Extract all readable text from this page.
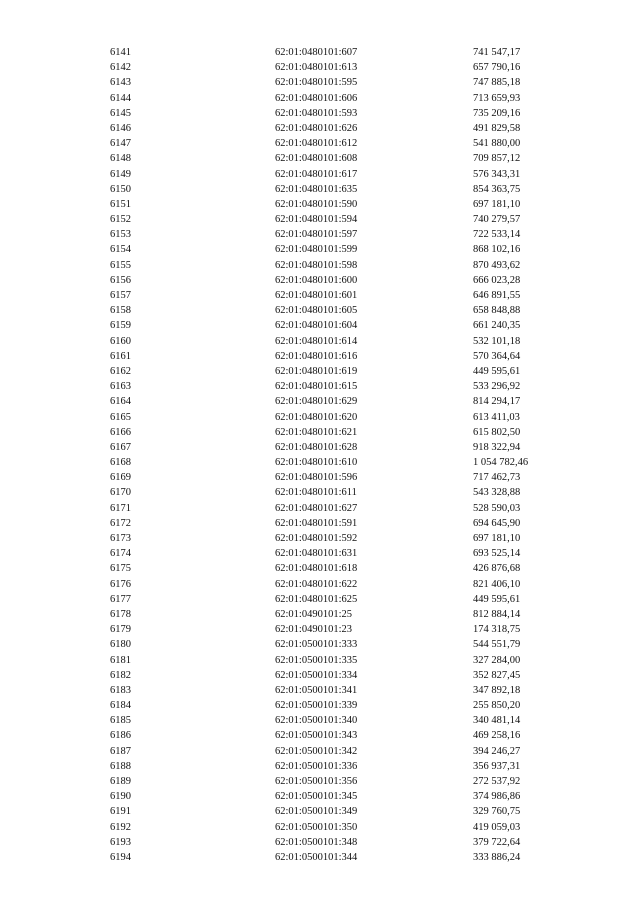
6141	62:01:0480101:607	741 547,17
6142	62:01:0480101:613	657 790,16
6143	62:01:0480101:595	747 885,18
6144	62:01:0480101:606	713 659,93
6145	62:01:0480101:593	735 209,16
6146	62:01:0480101:626	491 829,58
6147	62:01:0480101:612	541 880,00
6148	62:01:0480101:608	709 857,12
6149	62:01:0480101:617	576 343,31
6150	62:01:0480101:635	854 363,75
6151	62:01:0480101:590	697 181,10
6152	62:01:0480101:594	740 279,57
6153	62:01:0480101:597	722 533,14
6154	62:01:0480101:599	868 102,16
6155	62:01:0480101:598	870 493,62
6156	62:01:0480101:600	666 023,28
6157	62:01:0480101:601	646 891,55
6158	62:01:0480101:605	658 848,88
6159	62:01:0480101:604	661 240,35
6160	62:01:0480101:614	532 101,18
6161	62:01:0480101:616	570 364,64
6162	62:01:0480101:619	449 595,61
6163	62:01:0480101:615	533 296,92
6164	62:01:0480101:629	814 294,17
6165	62:01:0480101:620	613 411,03
6166	62:01:0480101:621	615 802,50
6167	62:01:0480101:628	918 322,94
6168	62:01:0480101:610	1 054 782,46
6169	62:01:0480101:596	717 462,73
6170	62:01:0480101:611	543 328,88
6171	62:01:0480101:627	528 590,03
6172	62:01:0480101:591	694 645,90
6173	62:01:0480101:592	697 181,10
6174	62:01:0480101:631	693 525,14
6175	62:01:0480101:618	426 876,68
6176	62:01:0480101:622	821 406,10
6177	62:01:0480101:625	449 595,61
6178	62:01:0490101:25	812 884,14
6179	62:01:0490101:23	174 318,75
6180	62:01:0500101:333	544 551,79
6181	62:01:0500101:335	327 284,00
6182	62:01:0500101:334	352 827,45
6183	62:01:0500101:341	347 892,18
6184	62:01:0500101:339	255 850,20
6185	62:01:0500101:340	340 481,14
6186	62:01:0500101:343	469 258,16
6187	62:01:0500101:342	394 246,27
6188	62:01:0500101:336	356 937,31
6189	62:01:0500101:356	272 537,92
6190	62:01:0500101:345	374 986,86
6191	62:01:0500101:349	329 760,75
6192	62:01:0500101:350	419 059,03
6193	62:01:0500101:348	379 722,64
6194	62:01:0500101:344	333 886,24
